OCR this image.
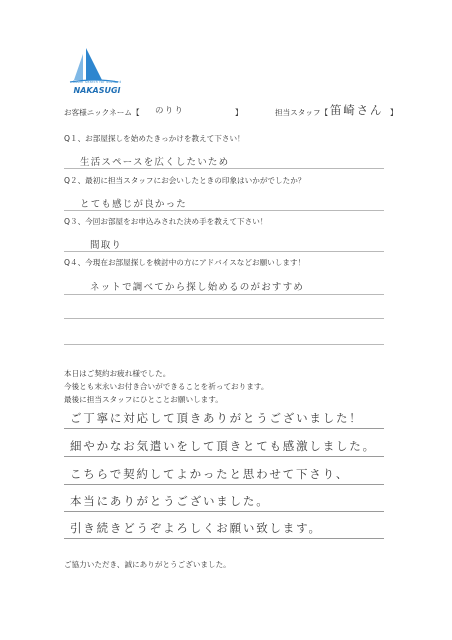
Room Search for Student
NAKASUGI
お客様ニックネーム【 のりり	】	担当スタッフ【 笛崎さん 】
Q１、お部屋探しを始めたきっかけを教えて下さい！
生活スペースを広くしたいため
Q２、最初に担当スタッフにお会いしたときの印象はいかがでしたか？
とても感じが良かった
Q３、今回お部屋をお申込みされた決め手を教えて下さい！
間取り
Q４、今現在お部屋探しを検討中の方にアドバイスなどお願いします！
ネットで調べてから探し始めるのがおすすめ
本日はご契約お疲れ様でした。
今後とも末永いお付き合いができることを祈っております。
最後に担当スタッフにひとことお願いします。
ご丁寧に対応して頂きありがとうございました！
細やかなお気遣いをして頂きとても感激しました。
こちらで契約してよかったと思わせて下さり、
本当にありがとうございました。
引き続きどうぞよろしくお願い致します。
ご協力いただき、誠にありがとうございました。
